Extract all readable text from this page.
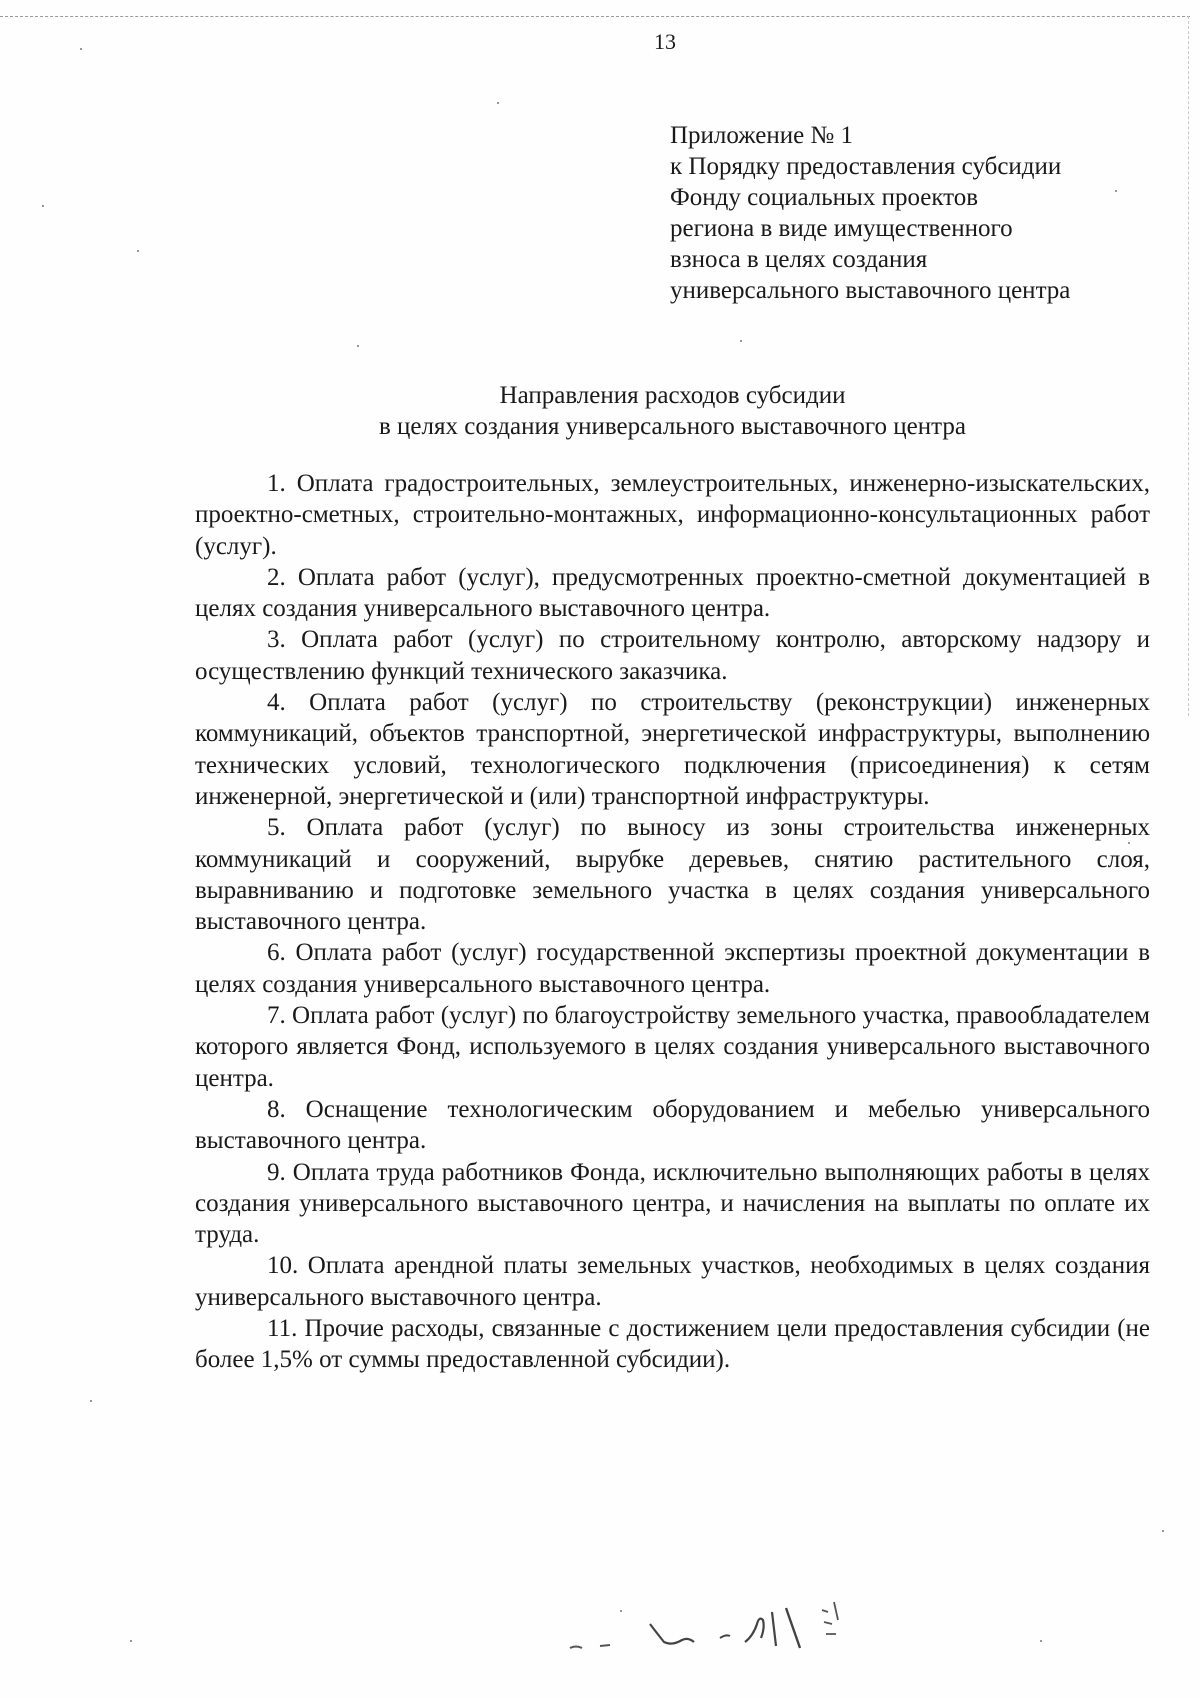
13
Приложение № 1
к Порядку предоставления субсидии
Фонду социальных проектов
региона в виде имущественного
взноса в целях создания
универсального выставочного центра
Направления расходов субсидии
в целях создания универсального выставочного центра

1. Оплата градостроительных, землеустроительных, инженерно-изыскательских, проектно-сметных, строительно-монтажных, информационно-консультационных работ (услуг).

2. Оплата работ (услуг), предусмотренных проектно-сметной документацией в целях создания универсального выставочного центра.

3. Оплата работ (услуг) по строительному контролю, авторскому надзору и осуществлению функций технического заказчика.

4. Оплата работ (услуг) по строительству (реконструкции) инженерных коммуникаций, объектов транспортной, энергетической инфраструктуры, выполнению технических условий, технологического подключения (присоединения) к сетям инженерной, энергетической и (или) транспортной инфраструктуры.

5. Оплата работ (услуг) по выносу из зоны строительства инженерных коммуникаций и сооружений, вырубке деревьев, снятию растительного слоя, выравниванию и подготовке земельного участка в целях создания универсального выставочного центра.

6. Оплата работ (услуг) государственной экспертизы проектной документации в целях создания универсального выставочного центра.

7. Оплата работ (услуг) по благоустройству земельного участка, правообладателем которого является Фонд, используемого в целях создания универсального выставочного центра.

8. Оснащение технологическим оборудованием и мебелью универсального выставочного центра.

9. Оплата труда работников Фонда, исключительно выполняющих работы в целях создания универсального выставочного центра, и начисления на выплаты по оплате их труда.

10. Оплата арендной платы земельных участков, необходимых в целях создания универсального выставочного центра.

11. Прочие расходы, связанные с достижением цели предоставления субсидии (не более 1,5% от суммы предоставленной субсидии).
